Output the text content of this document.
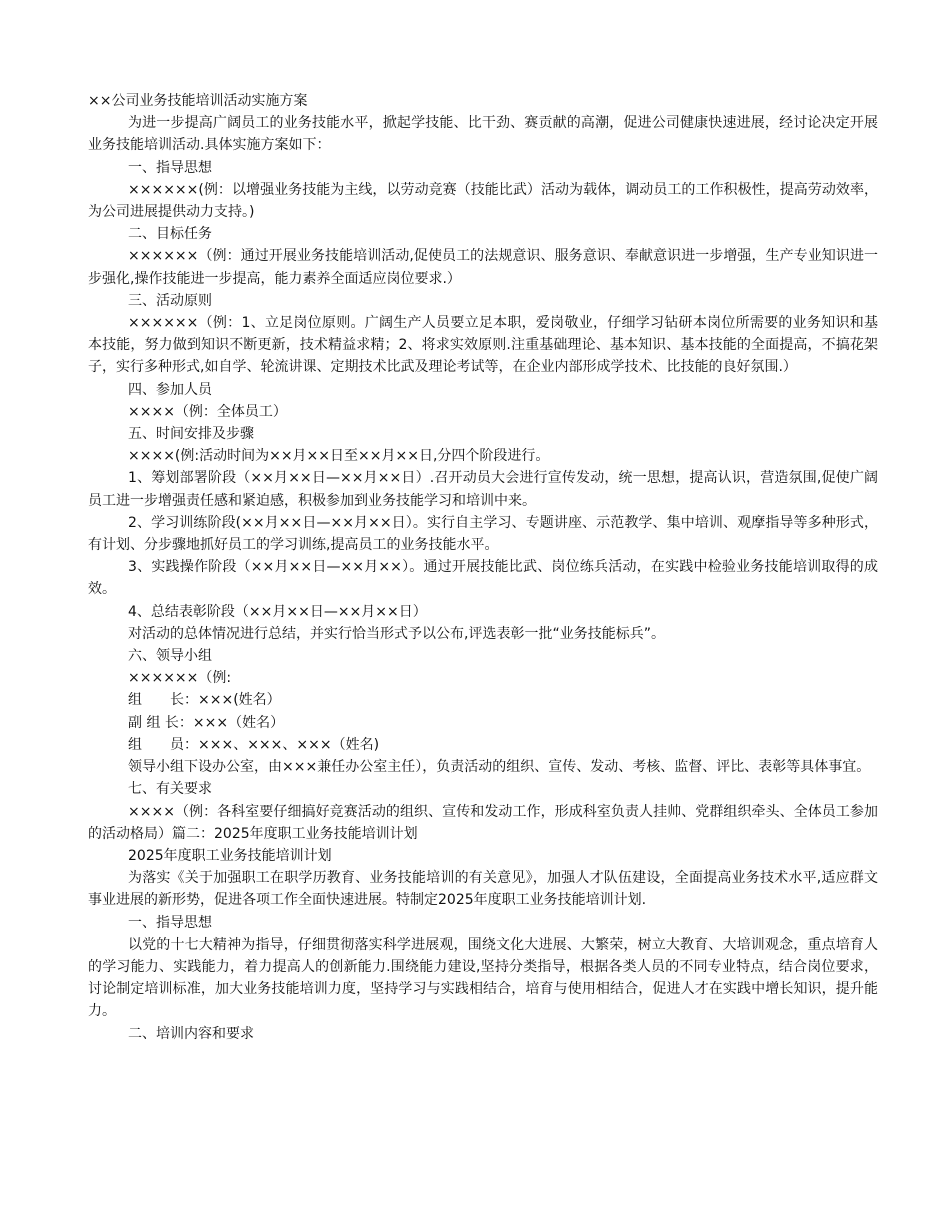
××公司业务技能培训活动实施方案

为进一步提高广阔员工的业务技能水平，掀起学技能、比干劲、赛贡献的高潮，促进公司健康快速进展，经讨论决定开展业务技能培训活动.具体实施方案如下：

一、指导思想

××××××(例：以增强业务技能为主线，以劳动竞赛（技能比武）活动为载体，调动员工的工作积极性，提高劳动效率，为公司进展提供动力支持。)

二、目标任务

××××××（例：通过开展业务技能培训活动,促使员工的法规意识、服务意识、奉献意识进一步增强，生产专业知识进一步强化,操作技能进一步提高，能力素养全面适应岗位要求.）

三、活动原则

××××××（例：1、立足岗位原则。广阔生产人员要立足本职，爱岗敬业，仔细学习钻研本岗位所需要的业务知识和基本技能，努力做到知识不断更新，技术精益求精；2、将求实效原则.注重基础理论、基本知识、基本技能的全面提高，不搞花架子，实行多种形式,如自学、轮流讲课、定期技术比武及理论考试等，在企业内部形成学技术、比技能的良好氛围.）

四、参加人员

××××（例：全体员工）

五、时间安排及步骤

××××(例:活动时间为××月××日至××月××日,分四个阶段进行。

1、筹划部署阶段（××月××日—××月××日）.召开动员大会进行宣传发动，统一思想，提高认识，营造氛围,促使广阔员工进一步增强责任感和紧迫感，积极参加到业务技能学习和培训中来。

2、学习训练阶段(××月××日—××月××日）。实行自主学习、专题讲座、示范教学、集中培训、观摩指导等多种形式，有计划、分步骤地抓好员工的学习训练,提高员工的业务技能水平。

3、实践操作阶段（××月××日—××月××）。通过开展技能比武、岗位练兵活动，在实践中检验业务技能培训取得的成效。

4、总结表彰阶段（××月××日—××月××日）

对活动的总体情况进行总结，并实行恰当形式予以公布,评选表彰一批“业务技能标兵”。

六、领导小组

××××××（例:

组　　长：×××(姓名）

副 组 长：×××（姓名）

组　　员：×××、×××、×××（姓名)

领导小组下设办公室，由×××兼任办公室主任），负责活动的组织、宣传、发动、考核、监督、评比、表彰等具体事宜。

七、有关要求

××××（例：各科室要仔细搞好竞赛活动的组织、宣传和发动工作，形成科室负责人挂帅、党群组织牵头、全体员工参加的活动格局）篇二：2025年度职工业务技能培训计划

2025年度职工业务技能培训计划

为落实《关于加强职工在职学历教育、业务技能培训的有关意见》，加强人才队伍建设，全面提高业务技术水平,适应群文事业进展的新形势，促进各项工作全面快速进展。特制定2025年度职工业务技能培训计划.

一、指导思想

以党的十七大精神为指导，仔细贯彻落实科学进展观，围绕文化大进展、大繁荣，树立大教育、大培训观念，重点培育人的学习能力、实践能力，着力提高人的创新能力.围绕能力建设,坚持分类指导，根据各类人员的不同专业特点，结合岗位要求，讨论制定培训标准，加大业务技能培训力度，坚持学习与实践相结合，培育与使用相结合，促进人才在实践中增长知识，提升能力。

二、培训内容和要求
